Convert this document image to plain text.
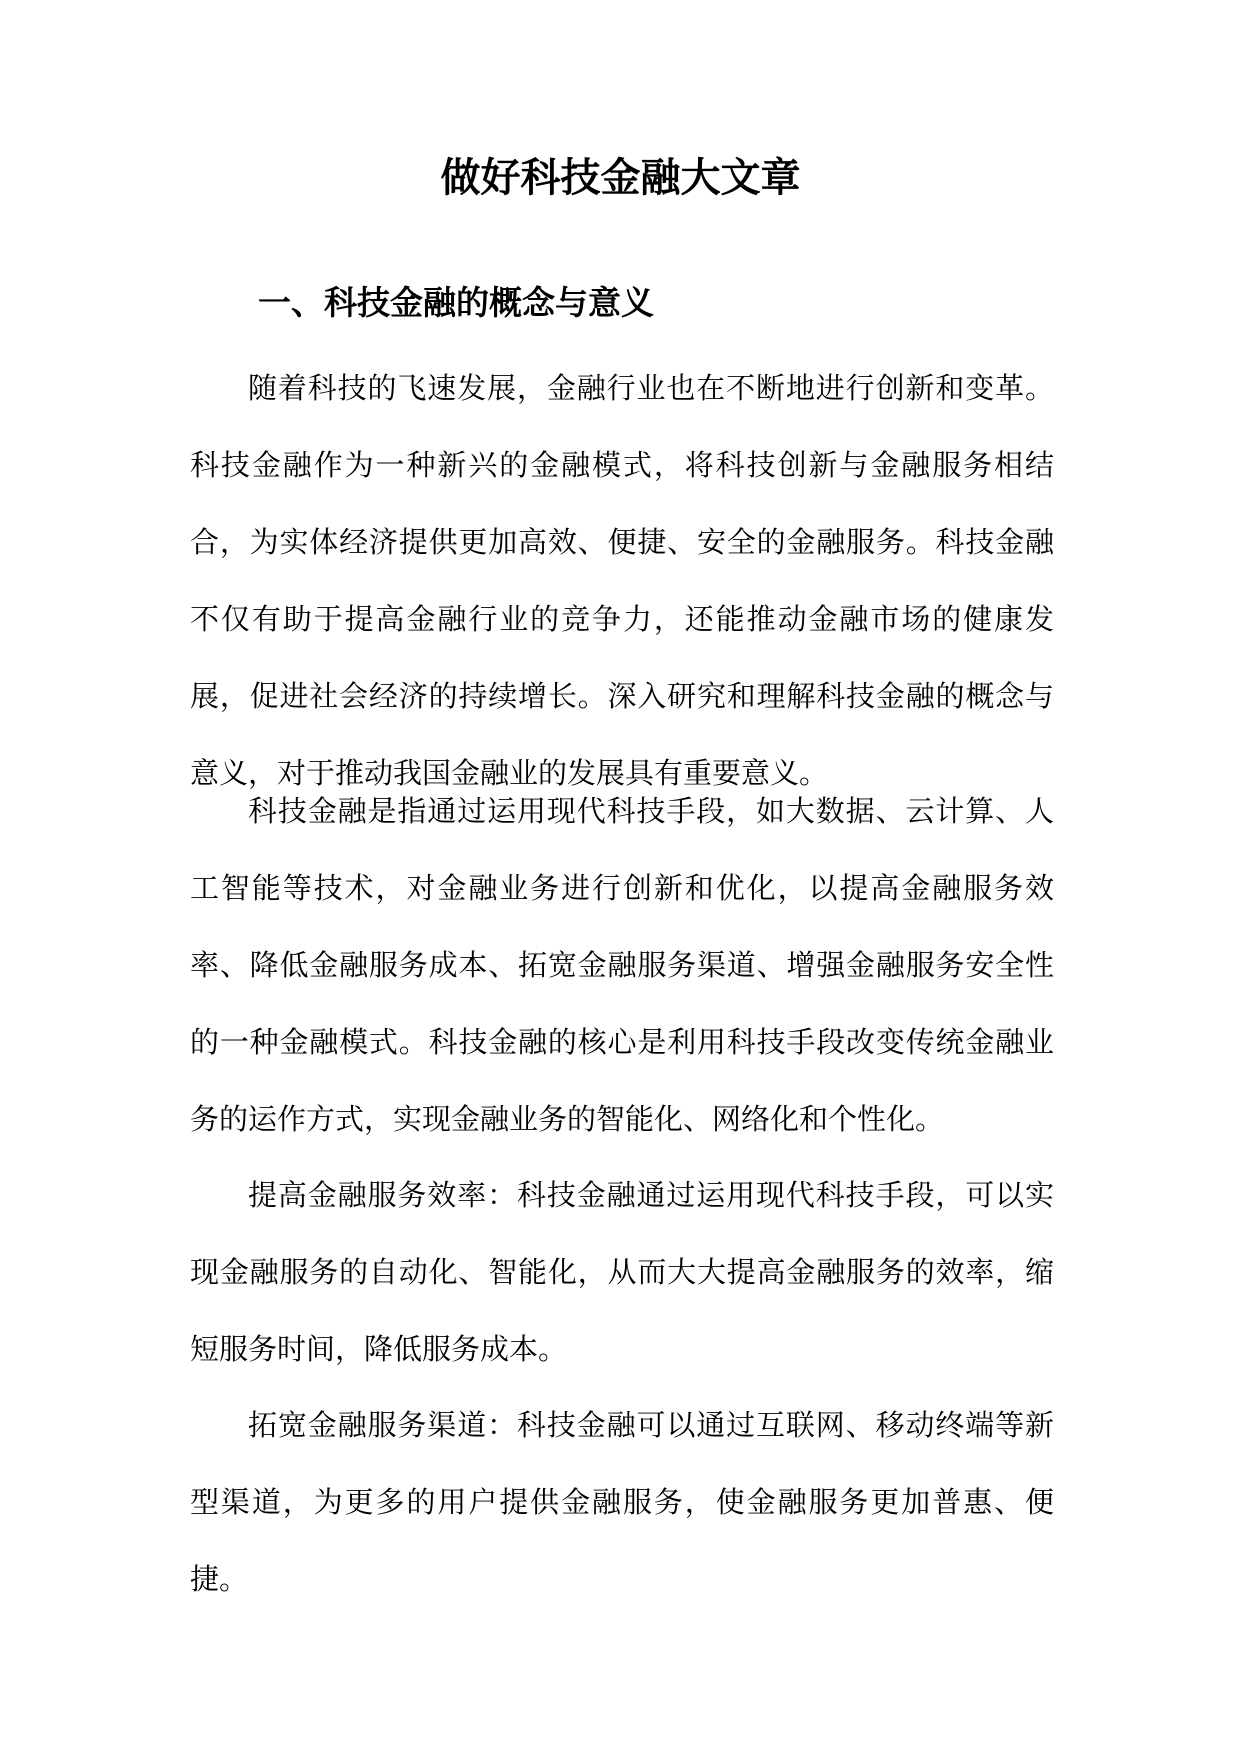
做好科技金融大文章
一、科技金融的概念与意义

随着科技的飞速发展，金融行业也在不断地进行创新和变革。科技金融作为一种新兴的金融模式，将科技创新与金融服务相结合，为实体经济提供更加高效、便捷、安全的金融服务。科技金融不仅有助于提高金融行业的竞争力，还能推动金融市场的健康发展，促进社会经济的持续增长。深入研究和理解科技金融的概念与意义，对于推动我国金融业的发展具有重要意义。

科技金融是指通过运用现代科技手段，如大数据、云计算、人工智能等技术，对金融业务进行创新和优化，以提高金融服务效率、降低金融服务成本、拓宽金融服务渠道、增强金融服务安全性的一种金融模式。科技金融的核心是利用科技手段改变传统金融业务的运作方式，实现金融业务的智能化、网络化和个性化。

提高金融服务效率：科技金融通过运用现代科技手段，可以实现金融服务的自动化、智能化，从而大大提高金融服务的效率，缩短服务时间，降低服务成本。

拓宽金融服务渠道：科技金融可以通过互联网、移动终端等新型渠道，为更多的用户提供金融服务，使金融服务更加普惠、便捷。
